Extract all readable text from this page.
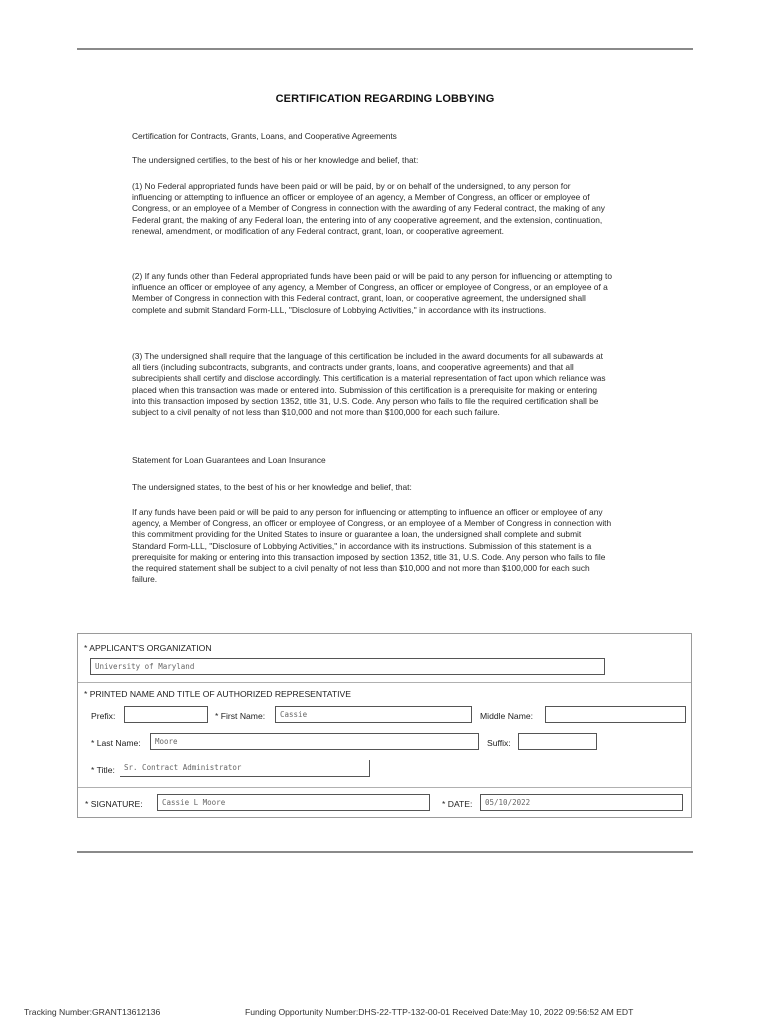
CERTIFICATION REGARDING LOBBYING
Certification for Contracts, Grants, Loans, and Cooperative Agreements
The undersigned certifies, to the best of his or her knowledge and belief, that:
(1) No Federal appropriated funds have been paid or will be paid, by or on behalf of the undersigned, to any person for influencing or attempting to influence an officer or employee of an agency, a Member of Congress, an officer or employee of Congress, or an employee of a Member of Congress in connection with the awarding of any Federal contract, the making of any Federal grant, the making of any Federal loan, the entering into of any cooperative agreement, and the extension, continuation, renewal, amendment, or modification of any Federal contract, grant, loan, or cooperative agreement.
(2) If any funds other than Federal appropriated funds have been paid or will be paid to any person for influencing or attempting to influence an officer or employee of any agency, a Member of Congress, an officer or employee of Congress, or an employee of a Member of Congress in connection with this Federal contract, grant, loan, or cooperative agreement, the undersigned shall complete and submit Standard Form-LLL, "Disclosure of Lobbying Activities," in accordance with its instructions.
(3) The undersigned shall require that the language of this certification be included in the award documents for all subawards at all tiers (including subcontracts, subgrants, and contracts under grants, loans, and cooperative agreements) and that all subrecipients shall certify and disclose accordingly. This certification is a material representation of fact upon which reliance was placed when this transaction was made or entered into. Submission of this certification is a prerequisite for making or entering into this transaction imposed by section 1352, title 31, U.S. Code. Any person who fails to file the required certification shall be subject to a civil penalty of not less than $10,000 and not more than $100,000 for each such failure.
Statement for Loan Guarantees and Loan Insurance
The undersigned states, to the best of his or her knowledge and belief, that:
If any funds have been paid or will be paid to any person for influencing or attempting to influence an officer or employee of any agency, a Member of Congress, an officer or employee of Congress, or an employee of a Member of Congress in connection with this commitment providing for the United States to insure or guarantee a loan, the undersigned shall complete and submit Standard Form-LLL, "Disclosure of Lobbying Activities," in accordance with its instructions. Submission of this statement is a prerequisite for making or entering into this transaction imposed by section 1352, title 31, U.S. Code. Any person who fails to file the required statement shall be subject to a civil penalty of not less than $10,000 and not more than $100,000 for each such failure.
* APPLICANT'S ORGANIZATION
University of Maryland
* PRINTED NAME AND TITLE OF AUTHORIZED REPRESENTATIVE
Prefix:	* First Name:	Cassie	Middle Name:
* Last Name:	Moore	Suffix:
* Title:	Sr. Contract Administrator
* SIGNATURE:	Cassie L Moore	* DATE:	05/10/2022
Tracking Number:GRANT13612136	Funding Opportunity Number:DHS-22-TTP-132-00-01 Received Date:May 10, 2022 09:56:52 AM EDT
